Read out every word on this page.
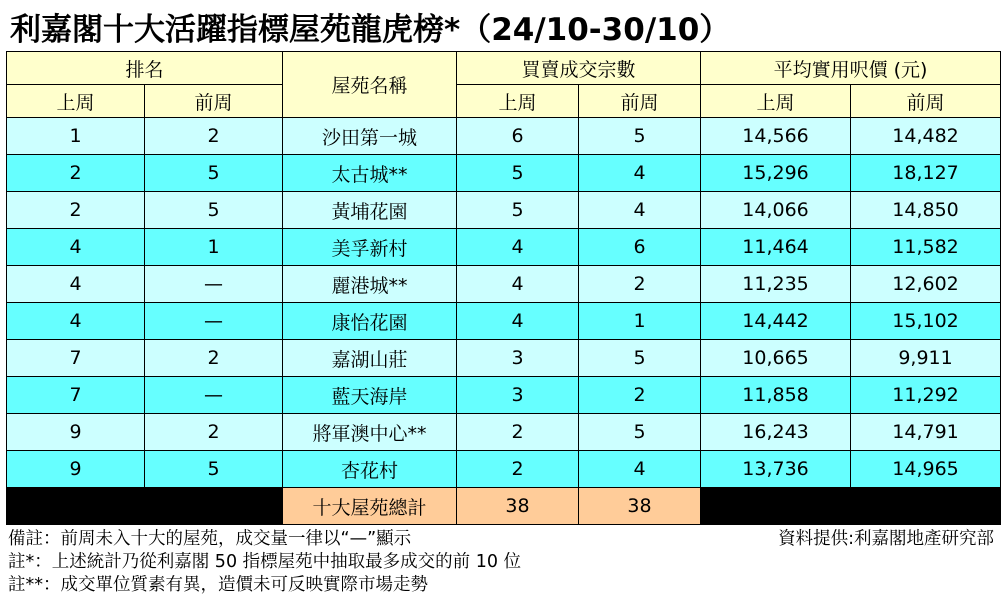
利嘉閣十大活躍指標屋苑龍虎榜*（24/10-30/10）
排名		屋苑名稱	買賣成交宗數		平均實用呎價 (元)	
上周	前周		上周	前周	上周	前周
1	2	沙田第一城	6	5	14,566	14,482
2	5	太古城**	5	4	15,296	18,127
2	5	黃埔花園	5	4	14,066	14,850
4	1	美孚新村	4	6	11,464	11,582
4	—	麗港城**	4	2	11,235	12,602
4	—	康怡花園	4	1	14,442	15,102
7	2	嘉湖山莊	3	5	10,665	9,911
7	—	藍天海岸	3	2	11,858	11,292
9	2	將軍澳中心**	2	5	16,243	14,791
9	5	杏花村	2	4	13,736	14,965
		十大屋苑總計	38	38		
備註：前周未入十大的屋苑，成交量一律以“—”顯示	資料提供:利嘉閣地產研究部
註*：上述統計乃從利嘉閣 50 指標屋苑中抽取最多成交的前 10 位
註**：成交單位質素有異，造價未可反映實際市場走勢
